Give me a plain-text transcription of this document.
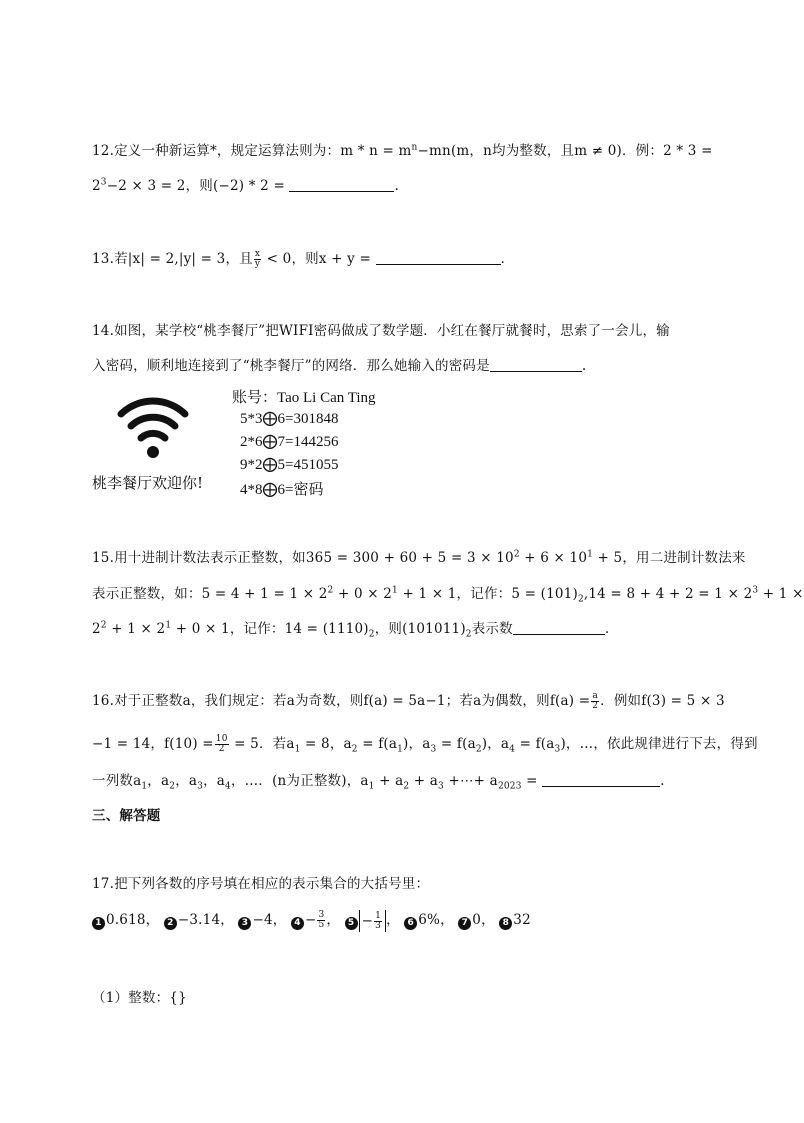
12.定义一种新运算*，规定运算法则为：$m * n = m^n-mn(m$，n均为整数，且m ≠ 0)．例：2 * 3 =
$2^3-2 \times 3 = 2$，则(−2) * 2 =	.
13.若|x| = 2,|y| = 3，且 $\frac{x}{y} < 0$，则x + y =	.
14.如图，某学校“桃李餐厅”把WIFI密码做成了数学题．小红在餐厅就餐时，思索了一会儿，输
入密码，顺利地连接到了“桃李餐厅”的网络．那么她输入的密码是	.
桃李餐厅欢迎你!
账号：Tao Li Can Ting
5*3⨁6=301848
2*6⨁7=144256
9*2⨁5=451055
4*8⨁6=密码
15.用十进制计数法表示正整数，如$365 = 300 + 60 + 5 = 3 \times 10^2 + 6 \times 10^1 + 5$，用二进制计数法来
表示正整数，如：$5 = 4 + 1 = 1 \times 2^2 + 0 \times 2^1 + 1 \times 1$，记作：$5 = (101)_2,14 = 8 + 4 + 2 = 1 \times 2^3 + 1$ ×
$2^2 + 1 \times 2^1 + 0 \times 1$，记作：$14 = (1110)_2$，则$(101011)_2$表示数	.
16.对于正整数a，我们规定：若a为奇数，则f(a) = 5a−1；若a为偶数，则$f(a) = \frac{a}{2}$ ．例如f(3) = 5 × 3
−1 = 14，$f(10) = \frac{10}{2} = 5$．若$a_1 = 8$，$a_2 = f(a_1)$，$a_3 = f(a_2)$，$a_4 = f(a_3)$，…，依此规律进行下去，得到
一列数$a_1$，$a_2$，$a_3$，$a_4$，…．(n为正整数)，$a_1 + a_2 + a_3$ +⋯+ $a_{2023}$ =	.
三、解答题
17.把下列各数的序号填在相应的表示集合的大括号里：
1 0.618， 2 −3.14， 3 −4， $4 - \frac{3}{5}$ ， $5 - \frac{1}{3}$ ， 6 6%， 7 0， 8 32
（1）整数：{}
